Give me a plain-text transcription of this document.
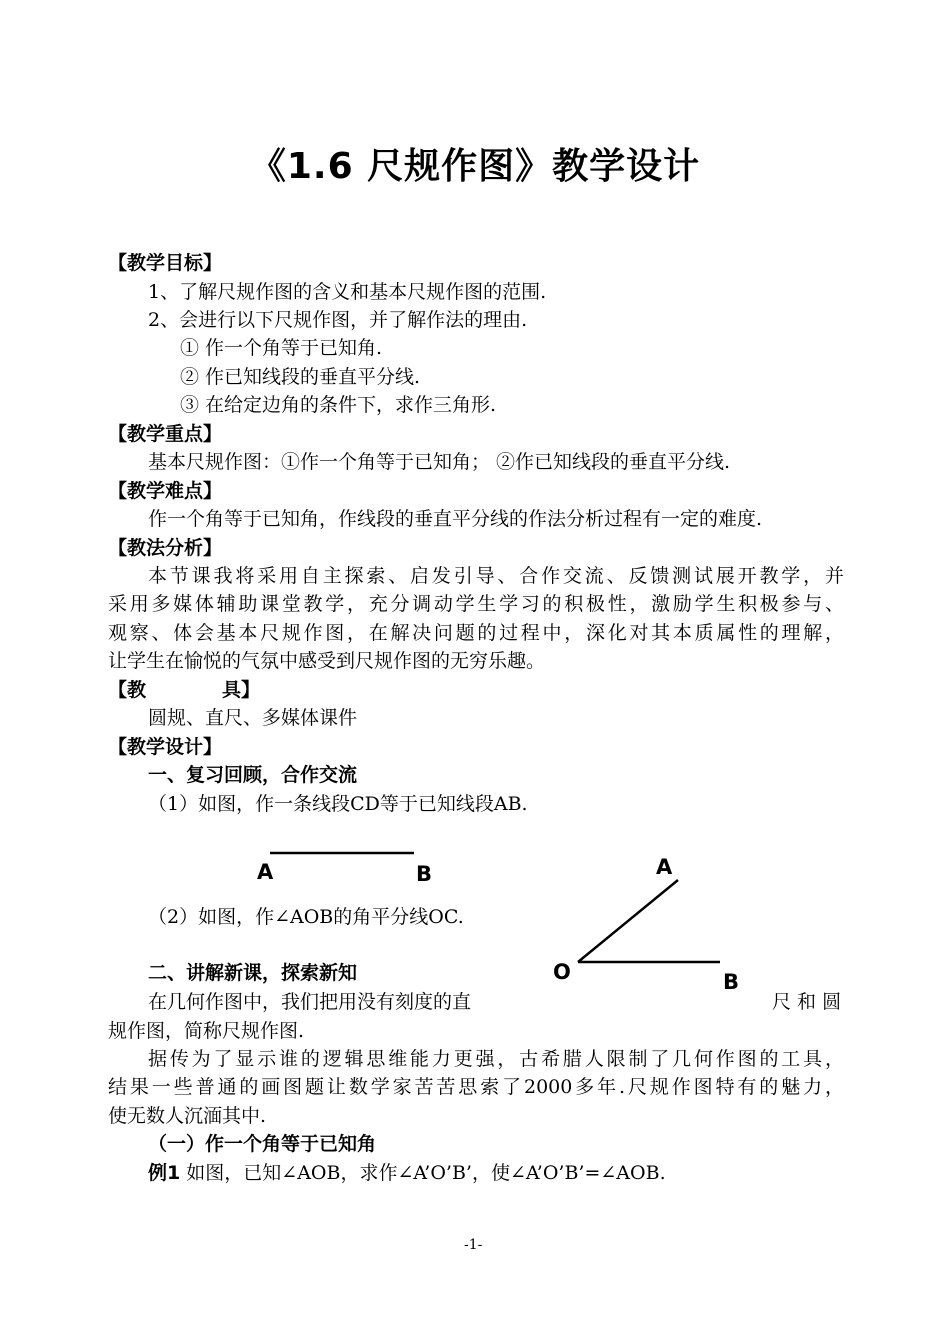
《1.6 尺规作图》教学设计
【教学目标】
1、了解尺规作图的含义和基本尺规作图的范围.
2、会进行以下尺规作图，并了解作法的理由.
① 作一个角等于已知角.
② 作已知线段的垂直平分线.
③ 在给定边角的条件下，求作三角形.
【教学重点】
基本尺规作图：①作一个角等于已知角； ②作已知线段的垂直平分线.
【教学难点】
作一个角等于已知角，作线段的垂直平分线的作法分析过程有一定的难度.
【教法分析】
本节课我将采用自主探索、启发引导、合作交流、反馈测试展开教学，并
采用多媒体辅助课堂教学，充分调动学生学习的积极性，激励学生积极参与、
观察、体会基本尺规作图，在解决问题的过程中，深化对其本质属性的理解，
让学生在愉悦的气氛中感受到尺规作图的无穷乐趣。
【教	具】
圆规、直尺、多媒体课件
【教学设计】
一、复习回顾，合作交流
（1）如图，作一条线段CD等于已知线段AB.
A	B	A
O	B
（2）如图，作∠AOB的角平分线OC.
二、讲解新课，探索新知
在几何作图中，我们把用没有刻度的直	尺 和 圆
规作图，简称尺规作图.
据传为了显示谁的逻辑思维能力更强，古希腊人限制了几何作图的工具，
结果一些普通的画图题让数学家苦苦思索了2000多年.尺规作图特有的魅力，
使无数人沉湎其中.
（一）作一个角等于已知角
例1 如图，已知∠AOB，求作∠A’O’B’，使∠A’O’B’=∠AOB.
-1-
